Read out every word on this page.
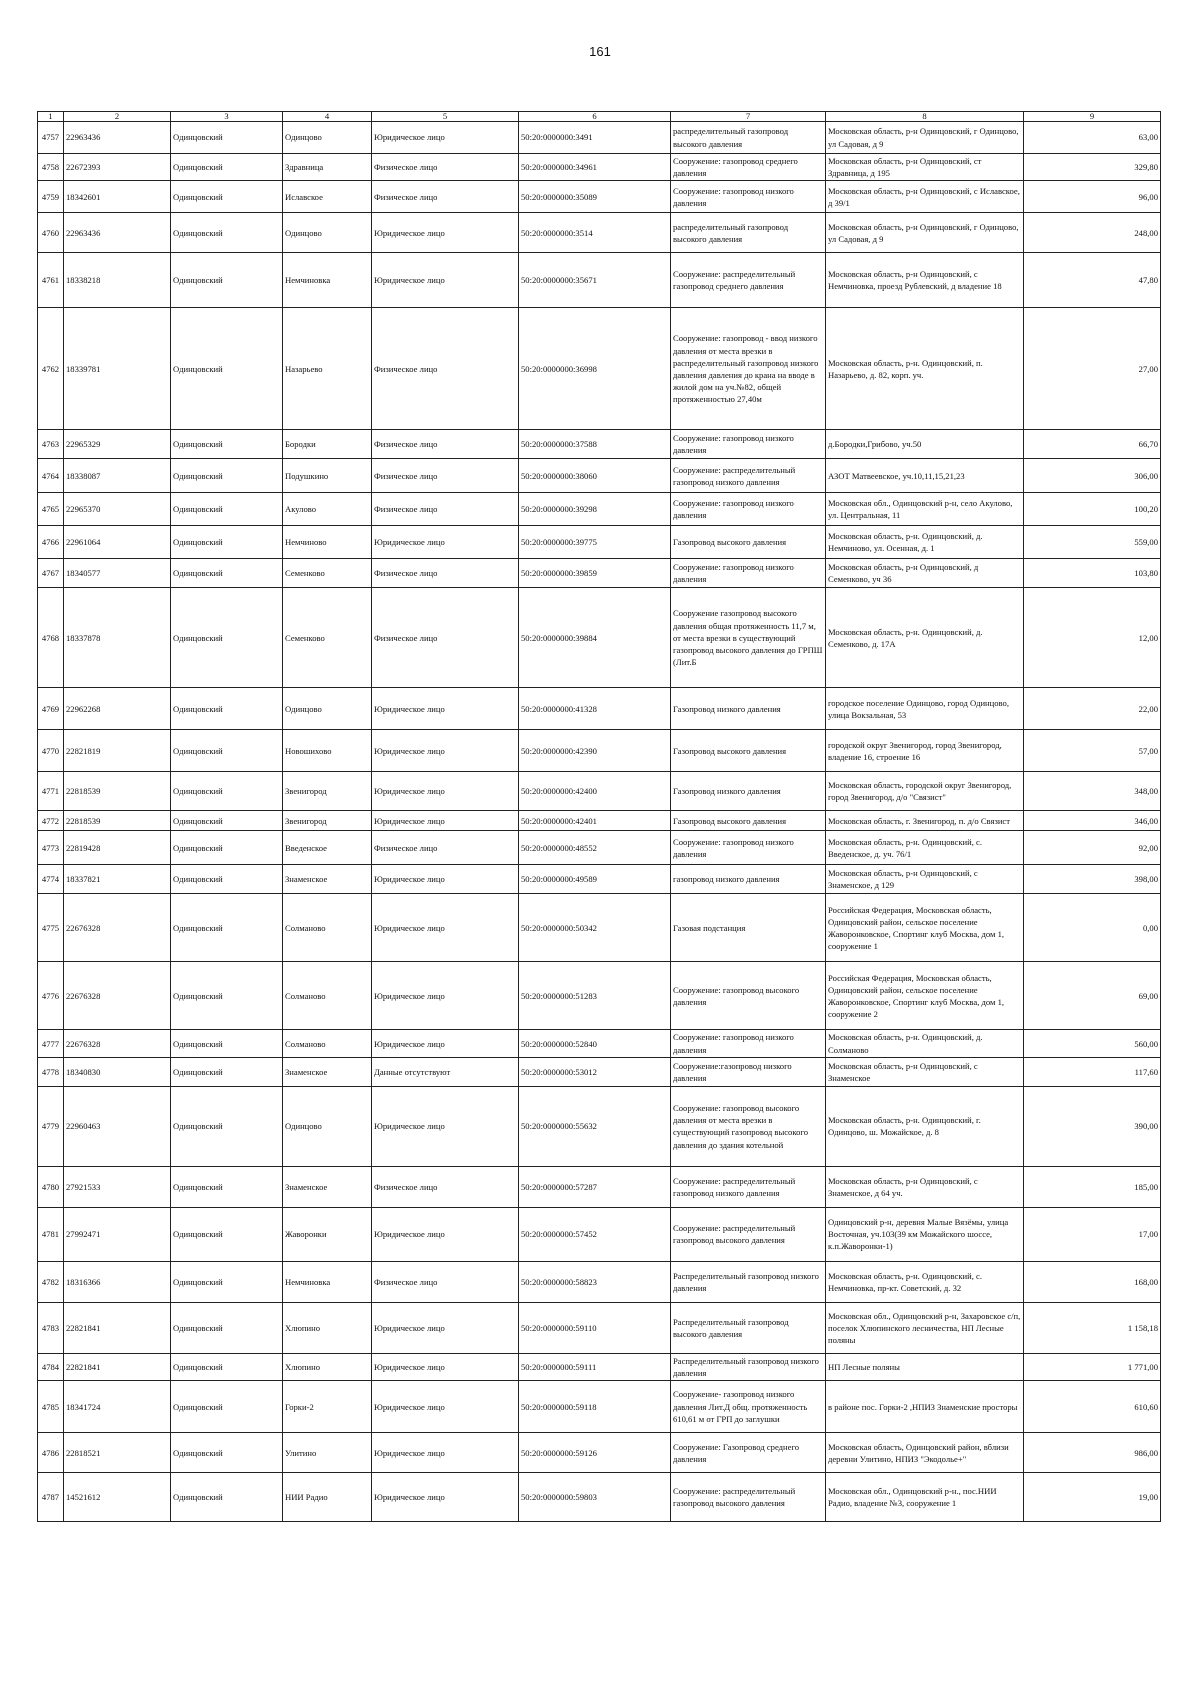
161
1	2	3	4	5	6	7	8	9
4757	22963436	Одинцовский	Одинцово	Юридическое лицо	50:20:0000000:3491	распределительный газопровод высокого давления	Московская область, р-н Одинцовский, г Одинцово, ул Садовая, д 9	63,00
4758	22672393	Одинцовский	Здравница	Физическое лицо	50:20:0000000:34961	Сооружение: газопровод среднего давления	Московская область, р-н Одинцовский, ст Здравница, д 195	329,80
4759	18342601	Одинцовский	Иславское	Физическое лицо	50:20:0000000:35089	Сооружение: газопровод низкого давления	Московская область, р-н Одинцовский, с Иславское, д 39/1	96,00
4760	22963436	Одинцовский	Одинцово	Юридическое лицо	50:20:0000000:3514	распределительный газопровод высокого давления	Московская область, р-н Одинцовский, г Одинцово, ул Садовая, д 9	248,00
4761	18338218	Одинцовский	Немчиновка	Юридическое лицо	50:20:0000000:35671	Сооружение: распределительный газопровод среднего давления	Московская область, р-н Одинцовский, с Немчиновка, проезд Рублевский, д владение 18	47,80
4762	18339781	Одинцовский	Назарьево	Физическое лицо	50:20:0000000:36998	Сооружение: газопровод - ввод низкого давления от места врезки в распределительный газопровод низкого давления давления до крана на вводе в жилой дом на уч.№82, общей протяженностью 27,40м	Московская область, р-н. Одинцовский, п. Назарьево, д. 82, корп. уч.	27,00
4763	22965329	Одинцовский	Бородки	Физическое лицо	50:20:0000000:37588	Сооружение: газопровод низкого давления	д.Бородки,Грибово, уч.50	66,70
4764	18338087	Одинцовский	Подушкино	Физическое лицо	50:20:0000000:38060	Сооружение: распределительный газопровод низкого давления	АЗОТ Матвеевское, уч.10,11,15,21,23	306,00
4765	22965370	Одинцовский	Акулово	Физическое лицо	50:20:0000000:39298	Сооружение: газопровод низкого давления	Московская обл., Одинцовский р-н, село Акулово, ул. Центральная, 11	100,20
4766	22961064	Одинцовский	Немчиново	Юридическое лицо	50:20:0000000:39775	Газопровод высокого давления	Московская область, р-н. Одинцовский, д. Немчиново, ул. Осенная, д. 1	559,00
4767	18340577	Одинцовский	Семенково	Физическое лицо	50:20:0000000:39859	Сооружение: газопровод низкого давления	Московская область, р-н Одинцовский, д Семенково, уч 36	103,80
4768	18337878	Одинцовский	Семенково	Физическое лицо	50:20:0000000:39884	Сооружение газопровод высокого давления общая протяженность 11,7 м, от места врезки в существующий газопровод высокого давления до ГРПШ (Лит.Б	Московская область, р-н. Одинцовский, д. Семенково, д. 17А	12,00
4769	22962268	Одинцовский	Одинцово	Юридическое лицо	50:20:0000000:41328	Газопровод низкого давления	городское поселение Одинцово, город Одинцово, улица Вокзальная, 53	22,00
4770	22821819	Одинцовский	Новошихово	Юридическое лицо	50:20:0000000:42390	Газопровод высокого давления	городской округ Звенигород, город Звенигород, владение 16, строение 16	57,00
4771	22818539	Одинцовский	Звенигород	Юридическое лицо	50:20:0000000:42400	Газопровод низкого давления	Московская область, городской округ Звенигород, город Звенигород, д/о "Связист"	348,00
4772	22818539	Одинцовский	Звенигород	Юридическое лицо	50:20:0000000:42401	Газопровод высокого давления	Московская область, г. Звенигород, п. д/о Связист	346,00
4773	22819428	Одинцовский	Введенское	Физическое лицо	50:20:0000000:48552	Сооружение: газопровод низкого давления	Московская область, р-н. Одинцовский, с. Введенское, д. уч. 76/1	92,00
4774	18337821	Одинцовский	Знаменское	Юридическое лицо	50:20:0000000:49589	газопровод низкого давления	Московская область, р-н Одинцовский, с Знаменское, д 129	398,00
4775	22676328	Одинцовский	Солманово	Юридическое лицо	50:20:0000000:50342	Газовая подстанция	Российская Федерация, Московская область, Одинцовский район, сельское поселение Жаворонковское, Спортинг клуб Москва, дом 1, сооружение 1	0,00
4776	22676328	Одинцовский	Солманово	Юридическое лицо	50:20:0000000:51283	Сооружение: газопровод высокого давления	Российская Федерация, Московская область, Одинцовский район, сельское поселение Жаворонковское, Спортинг клуб Москва, дом 1, сооружение 2	69,00
4777	22676328	Одинцовский	Солманово	Юридическое лицо	50:20:0000000:52840	Сооружение: газопровод низкого давления	Московская область, р-н. Одинцовский, д. Солманово	560,00
4778	18340830	Одинцовский	Знаменское	Данные отсутствуют	50:20:0000000:53012	Сооружение:газопровод низкого давления	Московская область, р-н Одинцовский, с Знаменское	117,60
4779	22960463	Одинцовский	Одинцово	Юридическое лицо	50:20:0000000:55632	Сооружение: газопровод высокого давления от места врезки в существующий газопровод высокого давления до здания котельной	Московская область, р-н. Одинцовский, г. Одинцово, ш. Можайское, д. 8	390,00
4780	27921533	Одинцовский	Знаменское	Физическое лицо	50:20:0000000:57287	Сооружение: распределительный газопровод низкого давления	Московская область, р-н Одинцовский, с Знаменское, д 64 уч.	185,00
4781	27992471	Одинцовский	Жаворонки	Юридическое лицо	50:20:0000000:57452	Сооружение: распределительный газопровод высокого давления	Одинцовский р-н, деревня Малые Вязёмы, улица Восточная, уч.103(39 км Можайского шоссе, к.п.Жаворонки-1)	17,00
4782	18316366	Одинцовский	Немчиновка	Физическое лицо	50:20:0000000:58823	Распределительный газопровод низкого давления	Московская область, р-н. Одинцовский, с. Немчиновка, пр-кт. Советский, д. 32	168,00
4783	22821841	Одинцовский	Хлюпино	Юридическое лицо	50:20:0000000:59110	Распределительный газопровод высокого давления	Московская обл., Одинцовский р-н, Захаровское с/п, поселок Хлюпинского лесничества, НП Лесные поляны	1 158,18
4784	22821841	Одинцовский	Хлюпино	Юридическое лицо	50:20:0000000:59111	Распределительный газопровод низкого давления	НП Лесные поляны	1 771,00
4785	18341724	Одинцовский	Горки-2	Юридическое лицо	50:20:0000000:59118	Сооружение- газопровод низкого давления Лит.Д общ. протяженность 610,61 м от ГРП до заглушки	в районе пос. Горки-2 ,НПИЗ Знаменские просторы	610,60
4786	22818521	Одинцовский	Улитино	Юридическое лицо	50:20:0000000:59126	Сооружение: Газопровод среднего давления	Московская область, Одинцовский район, вблизи деревни Улитино, НПИЗ "Экодолье+"	986,00
4787	14521612	Одинцовский	НИИ Радио	Юридическое лицо	50:20:0000000:59803	Сооружение: распределительный газопровод высокого давления	Московская обл., Одинцовский р-н., пос.НИИ Радио, владение №3, сооружение 1	19,00
